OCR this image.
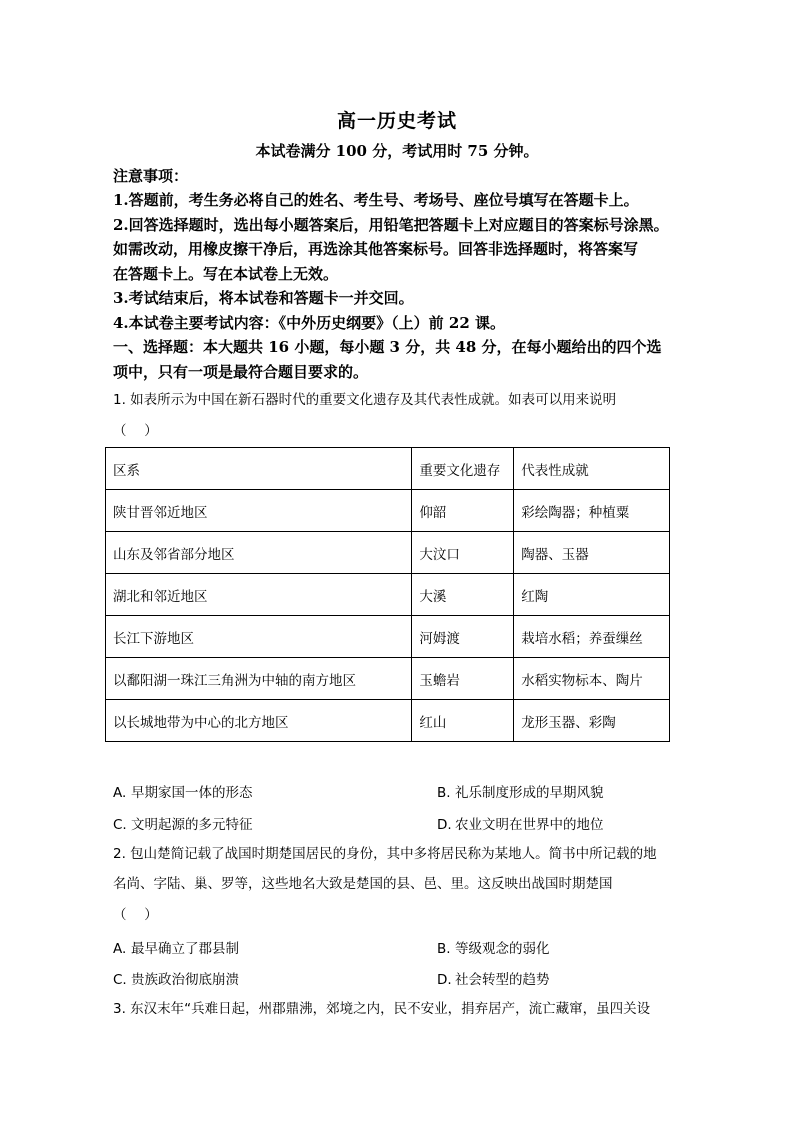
高一历史考试
本试卷满分 100 分，考试用时 75 分钟。
注意事项：
1.答题前，考生务必将自己的姓名、考生号、考场号、座位号填写在答题卡上。
2.回答选择题时，选出每小题答案后，用铅笔把答题卡上对应题目的答案标号涂黑。
如需改动，用橡皮擦干净后，再选涂其他答案标号。回答非选择题时，将答案写
在答题卡上。写在本试卷上无效。
3.考试结束后，将本试卷和答题卡一并交回。
4.本试卷主要考试内容：《中外历史纲要》（上）前 22 课。
一、选择题：本大题共 16 小题，每小题 3 分，共 48 分，在每小题给出的四个选
项中，只有一项是最符合题目要求的。
1. 如表所示为中国在新石器时代的重要文化遗存及其代表性成就。如表可以用来说明
（　 ）
区系	重要文化遗存	代表性成就
陕甘晋邻近地区	仰韶	彩绘陶器；种植粟
山东及邻省部分地区	大汶口	陶器、玉器
湖北和邻近地区	大溪	红陶
长江下游地区	河姆渡	栽培水稻；养蚕缫丝
以鄱阳湖一珠江三角洲为中轴的南方地区	玉蟾岩	水稻实物标本、陶片
以长城地带为中心的北方地区	红山	龙形玉器、彩陶
A. 早期家国一体的形态	B. 礼乐制度形成的早期风貌
C. 文明起源的多元特征	D. 农业文明在世界中的地位
2. 包山楚简记载了战国时期楚国居民的身份，其中多将居民称为某地人。简书中所记载的地
名尚、字陆、巢、罗等，这些地名大致是楚国的县、邑、里。这反映出战国时期楚国
（　 ）
A. 最早确立了郡县制	B. 等级观念的弱化
C. 贵族政治彻底崩溃	D. 社会转型的趋势
3. 东汉末年“兵难日起，州郡鼎沸，郊境之内，民不安业，捐弃居产，流亡藏窜，虽四关设
